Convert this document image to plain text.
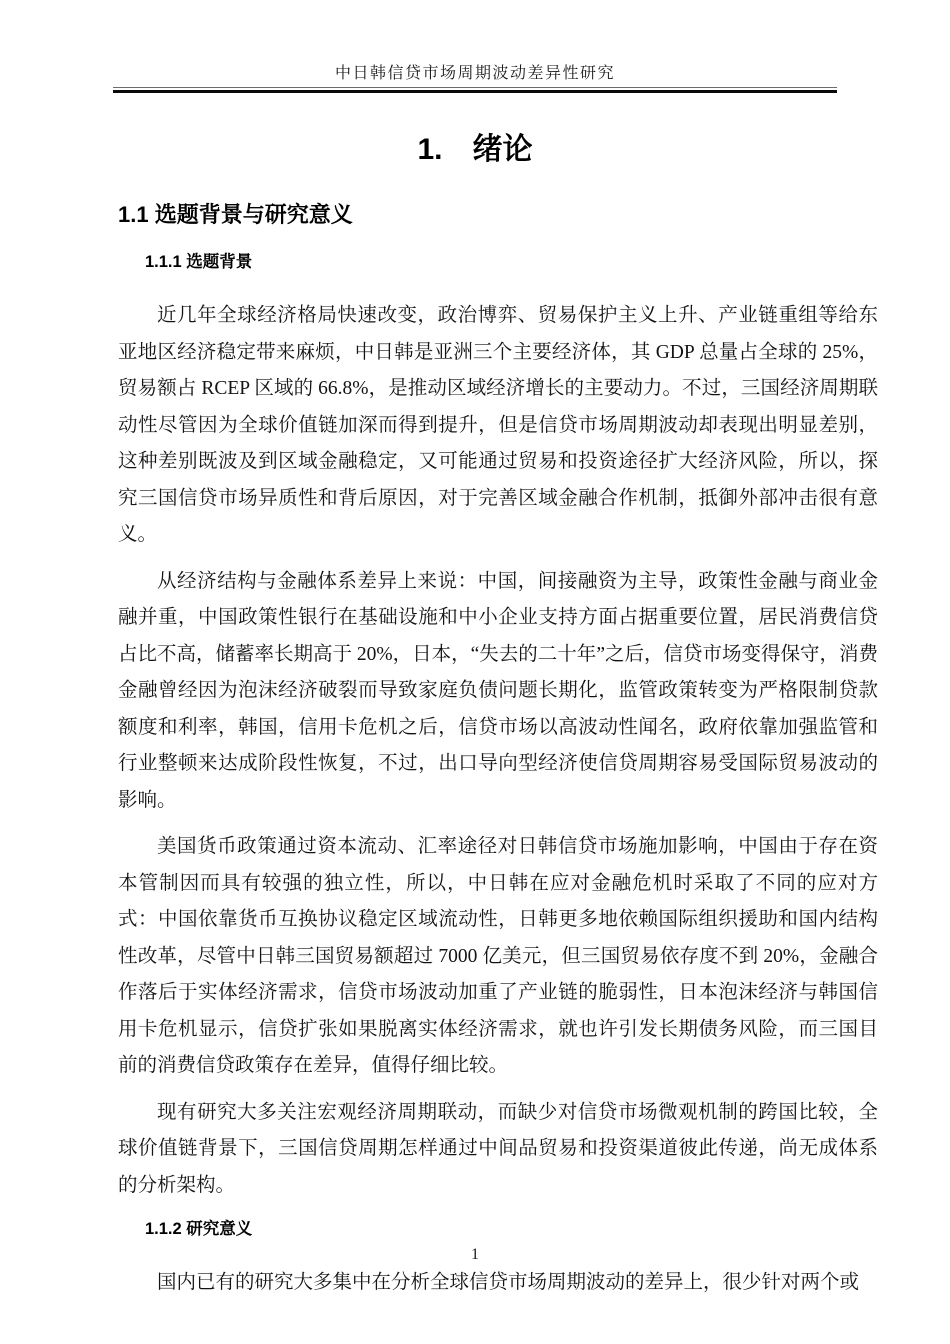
中日韩信贷市场周期波动差异性研究
1.　绪论
1.1 选题背景与研究意义
1.1.1 选题背景

近几年全球经济格局快速改变，政治博弈、贸易保护主义上升、产业链重组等给东亚地区经济稳定带来麻烦，中日韩是亚洲三个主要经济体，其 GDP 总量占全球的 25%，贸易额占 RCEP 区域的 66.8%，是推动区域经济增长的主要动力。不过，三国经济周期联动性尽管因为全球价值链加深而得到提升，但是信贷市场周期波动却表现出明显差别，这种差别既波及到区域金融稳定，又可能通过贸易和投资途径扩大经济风险，所以，探究三国信贷市场异质性和背后原因，对于完善区域金融合作机制，抵御外部冲击很有意义。

从经济结构与金融体系差异上来说：中国，间接融资为主导，政策性金融与商业金融并重，中国政策性银行在基础设施和中小企业支持方面占据重要位置，居民消费信贷占比不高，储蓄率长期高于 20%，日本，“失去的二十年”之后，信贷市场变得保守，消费金融曾经因为泡沫经济破裂而导致家庭负债问题长期化，监管政策转变为严格限制贷款额度和利率，韩国，信用卡危机之后，信贷市场以高波动性闻名，政府依靠加强监管和行业整顿来达成阶段性恢复，不过，出口导向型经济使信贷周期容易受国际贸易波动的影响。

美国货币政策通过资本流动、汇率途径对日韩信贷市场施加影响，中国由于存在资本管制因而具有较强的独立性，所以，中日韩在应对金融危机时采取了不同的应对方式：中国依靠货币互换协议稳定区域流动性，日韩更多地依赖国际组织援助和国内结构性改革，尽管中日韩三国贸易额超过 7000 亿美元，但三国贸易依存度不到 20%，金融合作落后于实体经济需求，信贷市场波动加重了产业链的脆弱性，日本泡沫经济与韩国信用卡危机显示，信贷扩张如果脱离实体经济需求，就也许引发长期债务风险，而三国目前的消费信贷政策存在差异，值得仔细比较。

现有研究大多关注宏观经济周期联动，而缺少对信贷市场微观机制的跨国比较，全球价值链背景下，三国信贷周期怎样通过中间品贸易和投资渠道彼此传递，尚无成体系的分析架构。

1.1.2 研究意义

国内已有的研究大多集中在分析全球信贷市场周期波动的差异上，很少针对两个或

1
